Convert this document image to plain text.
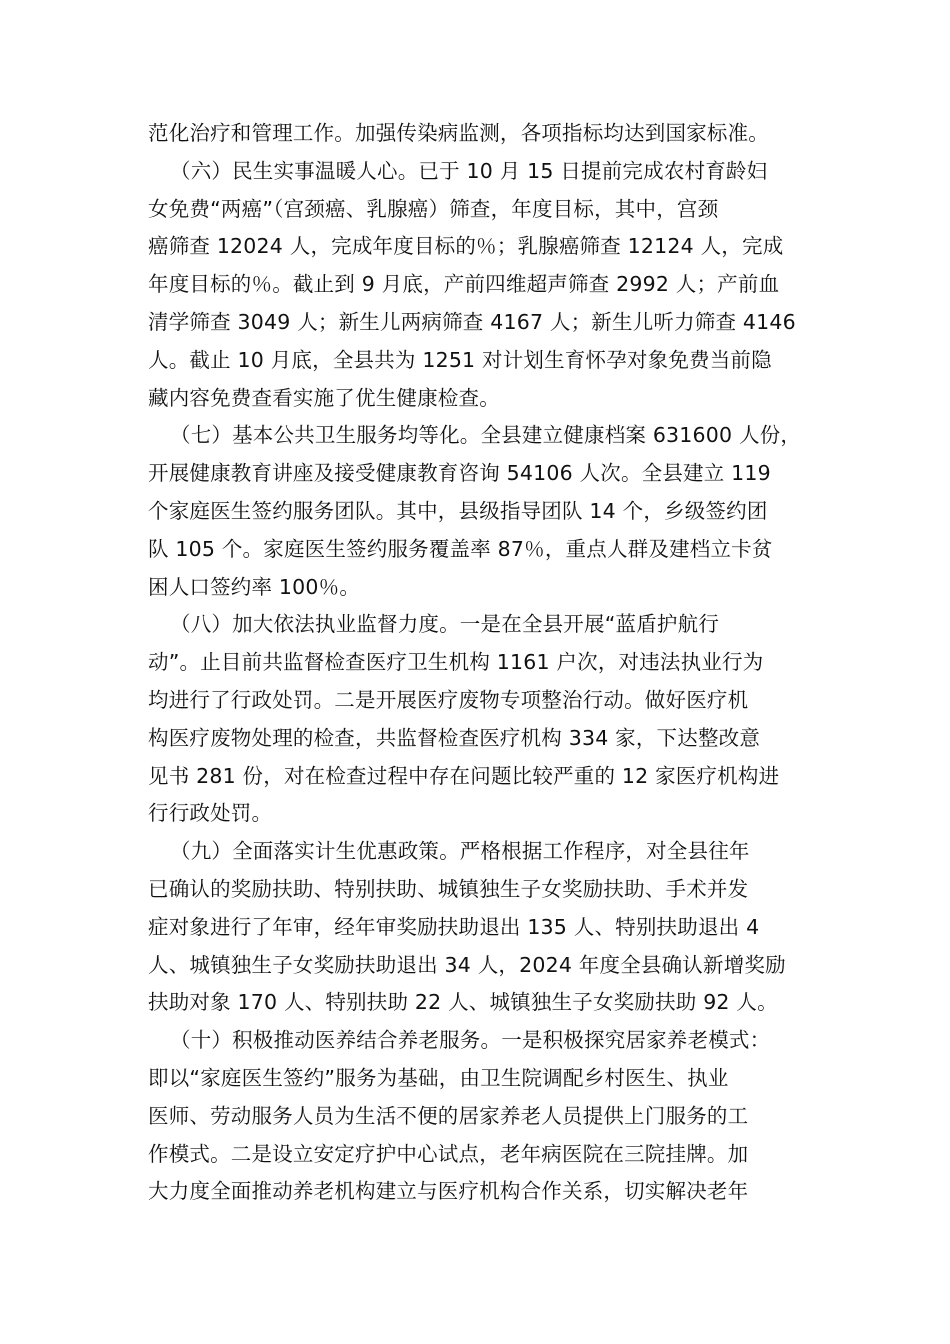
范化治疗和管理工作。加强传染病监测，各项指标均达到国家标准。
（六）民生实事温暖人心。已于 10 月 15 日提前完成农村育龄妇
女免费“两癌”（宫颈癌、乳腺癌）筛查，年度目标，其中，宫颈
癌筛查 12024 人，完成年度目标的％；乳腺癌筛查 12124 人，完成
年度目标的％。截止到 9 月底，产前四维超声筛查 2992 人；产前血
清学筛查 3049 人；新生儿两病筛查 4167 人；新生儿听力筛查 4146
人。截止 10 月底，全县共为 1251 对计划生育怀孕对象免费当前隐
藏内容免费查看实施了优生健康检查。
（七）基本公共卫生服务均等化。全县建立健康档案 631600 人份，
开展健康教育讲座及接受健康教育咨询 54106 人次。全县建立 119
个家庭医生签约服务团队。其中，县级指导团队 14 个，乡级签约团
队 105 个。家庭医生签约服务覆盖率 87％，重点人群及建档立卡贫
困人口签约率 100％。
（八）加大依法执业监督力度。一是在全县开展“蓝盾护航行
动”。止目前共监督检查医疗卫生机构 1161 户次，对违法执业行为
均进行了行政处罚。二是开展医疗废物专项整治行动。做好医疗机
构医疗废物处理的检查，共监督检查医疗机构 334 家，下达整改意
见书 281 份，对在检查过程中存在问题比较严重的 12 家医疗机构进
行行政处罚。
（九）全面落实计生优惠政策。严格根据工作程序，对全县往年
已确认的奖励扶助、特别扶助、城镇独生子女奖励扶助、手术并发
症对象进行了年审，经年审奖励扶助退出 135 人、特别扶助退出 4
人、城镇独生子女奖励扶助退出 34 人，2024 年度全县确认新增奖励
扶助对象 170 人、特别扶助 22 人、城镇独生子女奖励扶助 92 人。
（十）积极推动医养结合养老服务。一是积极探究居家养老模式：
即以“家庭医生签约”服务为基础，由卫生院调配乡村医生、执业
医师、劳动服务人员为生活不便的居家养老人员提供上门服务的工
作模式。二是设立安定疗护中心试点，老年病医院在三院挂牌。加
大力度全面推动养老机构建立与医疗机构合作关系，切实解决老年
